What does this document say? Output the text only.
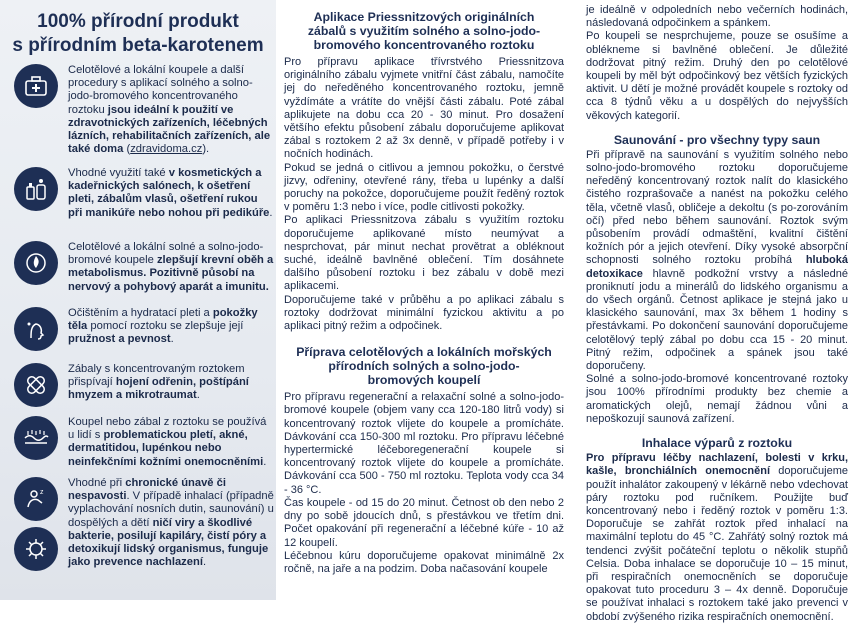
100% přírodní produkt
s přírodním beta-karotenem
Celotělové a lokální koupele a další procedury s aplikací solného a solno-jodo-bromového koncentrovaného roztoku jsou ideální k použití ve zdravotnických zařízeních, léčebných lázních, rehabilitačních zařízeních, ale také doma (zdravidoma.cz).
Vhodné využití také v kosmetických a kadeřnických salónech, k ošetření pleti, zábalům vlasů, ošetření rukou při manikúře nebo nohou při pedikúře.
Celotělové a lokální solné a solno-jodo-bromové koupele zlepšují krevní oběh a metabolismus. Pozitivně působí na nervový a pohybový aparát a imunitu.
Očištěním a hydratací pleti a pokožky těla pomocí roztoku se zlepšuje její pružnost a pevnost.
Zábaly s koncentrovaným roztokem přispívají hojení odřenin, poštípání hmyzem a mikrotraumat.
Koupel nebo zábal z roztoku se používá u lidí s problematickou pletí, akné, dermatitidou, lupénkou nebo neinfekčními kožními onemocněními.
z
Vhodné při chronické únavě či nespavosti. V případě inhalací (případně vyplachování nosních dutin, saunování) u dospělých a dětí ničí viry a škodlivé bakterie, posilují kapiláry, čistí póry a detoxikují lidský organismus, funguje jako prevence nachlazení.
Aplikace Priessnitzových originálních zábalů s využitím solného a solno-jodo-bromového koncentrovaného roztoku

Pro přípravu aplikace třívrstvého Priessnitzova originálního zábalu vyjmete vnitřní část zábalu, namočíte jej do neředěného koncentrovaného roztoku, jemně vyždímáte a vrátíte do vnější části zábalu. Poté zábal aplikujete na dobu cca 20 - 30 minut. Pro dosažení většího efektu působení zábalu doporučujeme aplikovat zábal s roztokem 2 až 3x denně, v případě potřeby i v nočních hodinách.

Pokud se jedná o citlivou a jemnou pokožku, o čerstvé jizvy, odřeniny, otevřené rány, třeba u lupénky a další poruchy na pokožce, doporučujeme použít ředěný roztok v poměru 1:3 nebo i více, podle citlivosti pokožky.

Po aplikaci Priessnitzova zábalu s využitím roztoku doporučujeme aplikované místo neumývat a nesprchovat, pár minut nechat provětrat a obléknout suché, ideálně bavlněné oblečení. Tím dosáhnete dalšího působení roztoku i bez zábalu v době mezi aplikacemi.

Doporučujeme také v průběhu a po aplikaci zábalu s roztoky dodržovat minimální fyzickou aktivitu a po aplikaci pitný režim a odpočinek.

Příprava celotělových a lokálních mořských přírodních solných a solno-jodo-bromových koupelí

Pro přípravu regenerační a relaxační solné a solno-jodo-bromové koupele (objem vany cca 120-180 litrů vody) si koncentrovaný roztok vlijete do koupele a promícháte. Dávkování cca 150-300 ml roztoku. Pro přípravu léčebné hypertermické léčeboregenerační koupele si koncentrovaný roztok vlijete do koupele a promícháte. Dávkování cca 500 - 750 ml roztoku. Teplota vody cca 34 - 36 °C.

Čas koupele - od 15 do 20 minut. Četnost ob den nebo 2 dny po sobě jdoucích dnů, s přestávkou ve třetím dni. Počet opakování při regenerační a léčebné kúře - 10 až 12 koupelí.

Léčebnou kúru doporučujeme opakovat minimálně 2x ročně, na jaře a na podzim. Doba načasování koupele

je ideálně v odpoledních nebo večerních hodinách, následovaná odpočinkem a spánkem.

Po koupeli se nesprchujeme, pouze se osušíme a oblékneme si bavlněné oblečení. Je důležité dodržovat pitný režim. Druhý den po celotělové koupeli by měl být odpočinkový bez větších fyzických aktivit. U dětí je možné provádět koupele s roztoky od cca 8 týdnů věku a u dospělých do nejvyšších věkových kategorií.

Saunování - pro všechny typy saun

Při přípravě na saunování s využitím solného nebo solno-jodo-bromového roztoku doporučujeme neředěný koncentrovaný roztok nalít do klasického čistého rozprašovače a nanést na pokožku celého těla, včetně vlasů, obličeje a dekoltu (s po-zorováním očí) před nebo během saunování. Roztok svým působením provádí odmaštění, kvalitní čištění kožních pór a jejich otevření. Díky vysoké absorpční schopnosti solného roztoku probíhá hluboká detoxikace hlavně podkožní vrstvy a následné proniknutí jodu a minerálů do lidského organismu a do všech orgánů. Četnost aplikace je stejná jako u klasického saunování, max 3x během 1 hodiny s přestávkami. Po dokončení saunování doporučujeme celotělový teplý zábal po dobu cca 15 - 20 minut. Pitný režim, odpočinek a spánek jsou také doporučeny.

Solné a solno-jodo-bromové koncentrované roztoky jsou 100% přírodními produkty bez chemie a aromatických olejů, nemají žádnou vůni a nepoškozují saunová zařízení.

Inhalace výparů z roztoku

Pro přípravu léčby nachlazení, bolesti v krku, kašle, bronchiálních onemocnění doporučujeme použít inhalátor zakoupený v lékárně nebo vdechovat páry roztoku pod ručníkem. Použijte buď koncentrovaný nebo i ředěný roztok v poměru 1:3. Doporučuje se zahřát roztok před inhalací na maximální teplotu do 45 °C. Zahřátý solný roztok má tendenci zvýšit počáteční teplotu o několik stupňů Celsia. Doba inhalace se doporučuje 10 – 15 minut, při respiračních onemocněních se doporučuje opakovat tuto proceduru 3 – 4x denně. Doporučuje se používat inhalaci s roztokem také jako prevenci v období zvýšeného rizika respiračních onemocnění.
